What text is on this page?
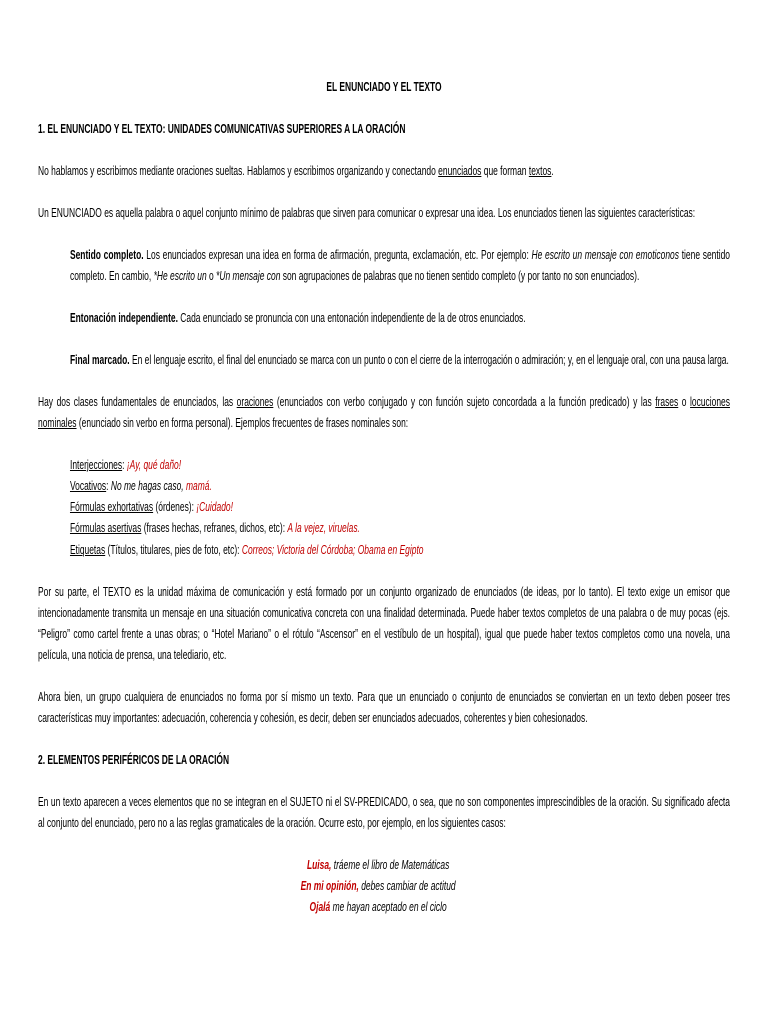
EL ENUNCIADO Y EL TEXTO
1. EL ENUNCIADO Y EL TEXTO: UNIDADES COMUNICATIVAS SUPERIORES A LA ORACIÓN

No hablamos y escribimos mediante oraciones sueltas. Hablamos y escribimos organizando y conectando enunciados que forman textos.

Un ENUNCIADO es aquella palabra o aquel conjunto mínimo de palabras que sirven para comunicar o expresar una idea. Los enunciados tienen las siguientes características:

Sentido completo. Los enunciados expresan una idea en forma de afirmación, pregunta, exclamación, etc. Por ejemplo: He escrito un mensaje con emoticonos tiene sentido completo. En cambio, *He escrito un o *Un mensaje con son agrupaciones de palabras que no tienen sentido completo (y por tanto no son enunciados).

Entonación independiente. Cada enunciado se pronuncia con una entonación independiente de la de otros enunciados.

Final marcado. En el lenguaje escrito, el final del enunciado se marca con un punto o con el cierre de la interrogación o admiración; y, en el lenguaje oral, con una pausa larga.

Hay dos clases fundamentales de enunciados, las oraciones (enunciados con verbo conjugado y con función sujeto concordada a la función predicado) y las frases o locuciones nominales (enunciado sin verbo en forma personal). Ejemplos frecuentes de frases nominales son:

Interjecciones: ¡Ay, qué daño!
Vocativos: No me hagas caso, mamá.
Fórmulas exhortativas (órdenes): ¡Cuidado!
Fórmulas asertivas (frases hechas, refranes, dichos, etc): A la vejez, viruelas.
Etiquetas (Títulos, titulares, pies de foto, etc): Correos; Victoria del Córdoba; Obama en Egipto

Por su parte, el TEXTO es la unidad máxima de comunicación y está formado por un conjunto organizado de enunciados (de ideas, por lo tanto). El texto exige un emisor que intencionadamente transmita un mensaje en una situación comunicativa concreta con una finalidad determinada. Puede haber textos completos de una palabra o de muy pocas (ejs. “Peligro” como cartel frente a unas obras; o “Hotel Mariano” o el rótulo “Ascensor” en el vestíbulo de un hospital), igual que puede haber textos completos como una novela, una película, una noticia de prensa, una telediario, etc.

Ahora bien, un grupo cualquiera de enunciados no forma por sí mismo un texto. Para que un enunciado o conjunto de enunciados se conviertan en un texto deben poseer tres características muy importantes: adecuación, coherencia y cohesión, es decir, deben ser enunciados adecuados, coherentes y bien cohesionados.

2. ELEMENTOS PERIFÉRICOS DE LA ORACIÓN

En un texto aparecen a veces elementos que no se integran en el SUJETO ni el SV-PREDICADO, o sea, que no son componentes imprescindibles de la oración. Su significado afecta al conjunto del enunciado, pero no a las reglas gramaticales de la oración. Ocurre esto, por ejemplo, en los siguientes casos:

Luisa, tráeme el libro de Matemáticas
En mi opinión, debes cambiar de actitud
Ojalá me hayan aceptado en el ciclo
